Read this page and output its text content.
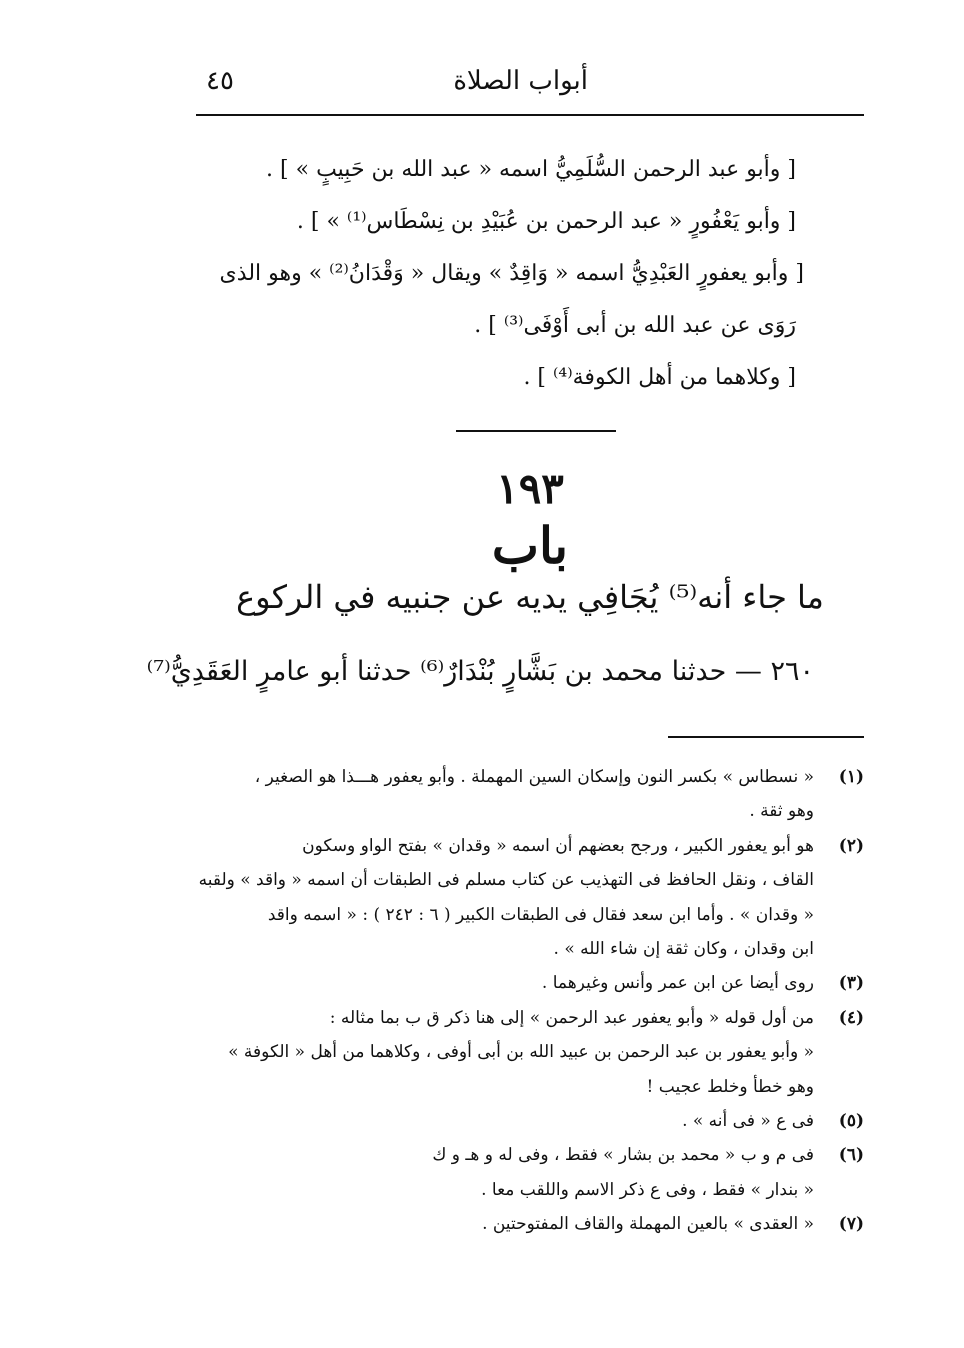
أبواب الصلاة
٤٥
[ وأبو عبد الرحمن السُّلَمِيُّ اسمه « عبد الله بن حَبِيبٍ » ] .
[ وأبو يَعْفُورٍ « عبد الرحمن بن عُبَيْدِ بن نِسْطَاس⁽¹⁾ » ] .
[ وأبو يعفورٍ العَبْدِيُّ اسمه « وَاقِدٌ » ويقال « وَقْدَانُ⁽²⁾ » وهو الذى
رَوَى عن عبد الله بن أبى أَوْفَى⁽³⁾ ] .
[ وكلاهما من أهل الكوفة⁽⁴⁾ ] .
١٩٣
باب
ما جاء أنه⁽⁵⁾ يُجَافِي يديه عن جنبيه في الركوع
٢٦٠ — حدثنا محمد بن بَشَّارٍ بُنْدَارٌ⁽⁶⁾ حدثنا أبو عامرٍ العَقَدِيُّ⁽⁷⁾
(١)
« نسطاس » بكسر النون وإسكان السين المهملة . وأبو يعفور هـــذا هو الصغير ،
وهو ثقة .
(٢)
هو أبو يعفور الكبير ، ورجح بعضهم أن اسمه « وقدان » بفتح الواو وسكون
القاف ، ونقل الحافظ فى التهذيب عن كتاب مسلم فى الطبقات أن اسمه « واقد » ولقبه
« وقدان » . وأما ابن سعد فقال فى الطبقات الكبير ( ٦ : ٢٤٢ ) : « اسمه واقد
ابن وقدان ، وكان ثقة إن شاء الله » .
(٣)
روى أيضا عن ابن عمر وأنس وغيرهما .
(٤)
من أول قوله « وأبو يعفور عبد الرحمن » إلى هنا ذكر ق ب بما مثاله :
« وأبو يعفور بن عبد الرحمن بن عبيد الله بن أبى أوفى ، وكلاهما من أهل « الكوفة »
وهو خطأ وخلط عجيب !
(٥)
فى ع « فى أنه » .
(٦)
فى م و ب « محمد بن بشار » فقط ، وفى له و هـ و ك
« بندار » فقط ، وفى ع ذكر الاسم واللقب معا .
(٧)
« العقدى » بالعين المهملة والقاف المفتوحتين .
